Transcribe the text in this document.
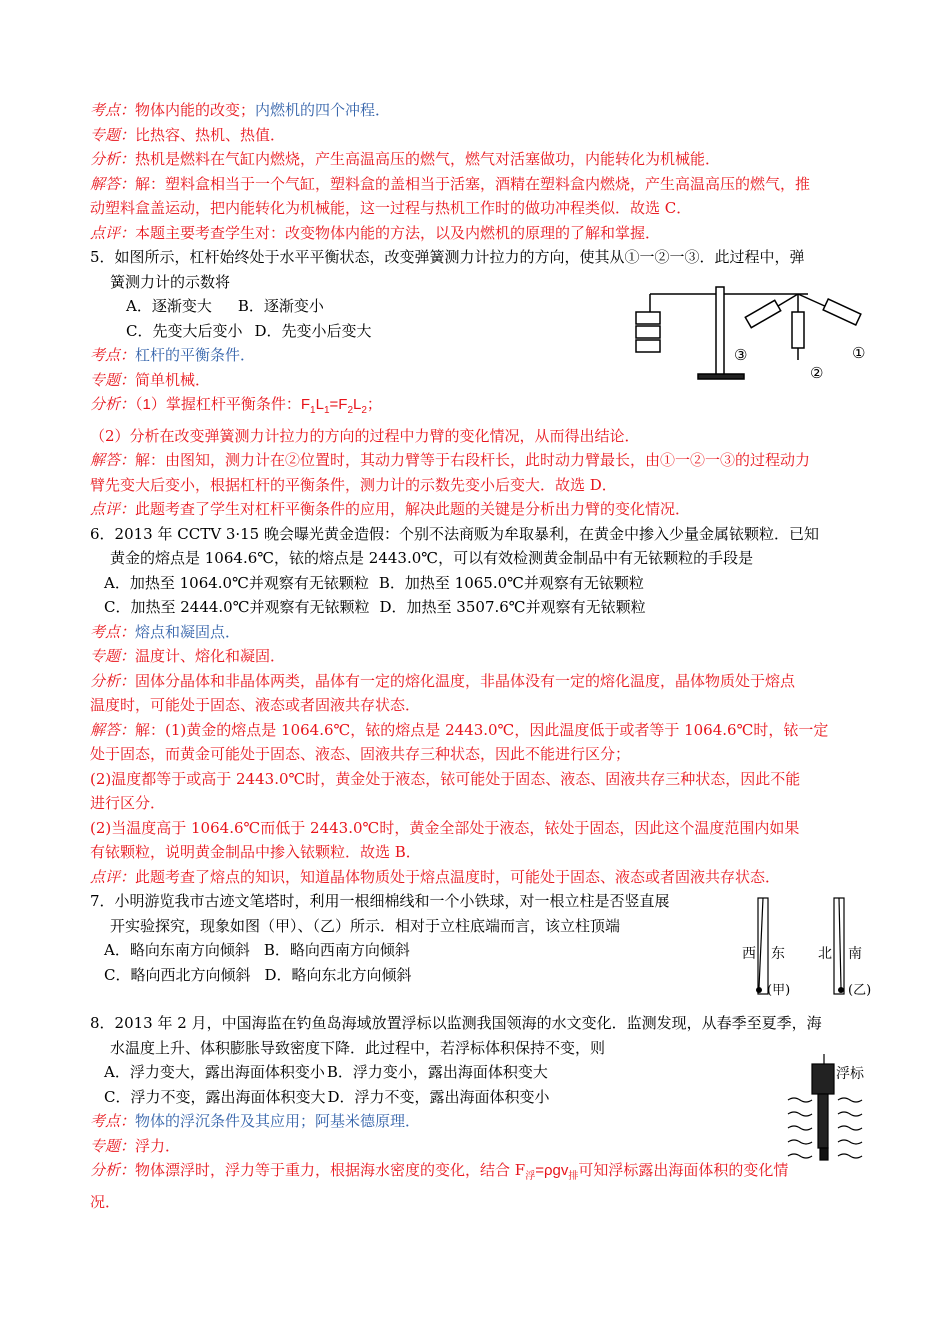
考点：物体内能的改变；内燃机的四个冲程．
专题：比热容、热机、热值．
分析：热机是燃料在气缸内燃烧，产生高温高压的燃气，燃气对活塞做功，内能转化为机械能．
解答：解：塑料盒相当于一个气缸，塑料盒的盖相当于活塞，酒精在塑料盒内燃烧，产生高温高压的燃气，推
动塑料盒盖运动，把内能转化为机械能，这一过程与热机工作时的做功冲程类似．故选 C．
点评：本题主要考查学生对：改变物体内能的方法，以及内燃机的原理的了解和掌握．
5．如图所示，杠杆始终处于水平平衡状态，改变弹簧测力计拉力的方向，使其从①一②一③．此过程中，弹
簧测力计的示数将
A．逐渐变大 B．逐渐变小
C．先变大后变小 D．先变小后变大
考点：杠杆的平衡条件．
专题：简单机械．
分析：（1）掌握杠杆平衡条件：$F_1L_1=F_2L_2$；
（2）分析在改变弹簧测力计拉力的方向的过程中力臂的变化情况，从而得出结论．
解答：解：由图知，测力计在②位置时，其动力臂等于右段杆长，此时动力臂最长，由①一②一③的过程动力
臂先变大后变小，根据杠杆的平衡条件，测力计的示数先变小后变大．故选 D．
点评：此题考查了学生对杠杆平衡条件的应用，解决此题的关键是分析出力臂的变化情况．
6．2013 年 CCTV 3·15 晚会曝光黄金造假：个别不法商贩为牟取暴利，在黄金中掺入少量金属铱颗粒．已知
黄金的熔点是 1064.6℃，铱的熔点是 2443.0℃，可以有效检测黄金制品中有无铱颗粒的手段是
A．加热至 1064.0℃并观察有无铱颗粒 B．加热至 1065.0℃并观察有无铱颗粒
C．加热至 2444.0℃并观察有无铱颗粒 D．加热至 3507.6℃并观察有无铱颗粒
考点：熔点和凝固点．
专题：温度计、熔化和凝固．
分析：固体分晶体和非晶体两类，晶体有一定的熔化温度，非晶体没有一定的熔化温度，晶体物质处于熔点
温度时，可能处于固态、液态或者固液共存状态．
解答：解：(1)黄金的熔点是 1064.6℃，铱的熔点是 2443.0℃，因此温度低于或者等于 1064.6℃时，铱一定
处于固态，而黄金可能处于固态、液态、固液共存三种状态，因此不能进行区分；
(2)温度都等于或高于 2443.0℃时，黄金处于液态，铱可能处于固态、液态、固液共存三种状态，因此不能
进行区分．
(2)当温度高于 1064.6℃而低于 2443.0℃时，黄金全部处于液态，铱处于固态，因此这个温度范围内如果
有铱颗粒，说明黄金制品中掺入铱颗粒．故选 B．
点评：此题考查了熔点的知识，知道晶体物质处于熔点温度时，可能处于固态、液态或者固液共存状态．
7．小明游览我市古迹文笔塔时，利用一根细棉线和一个小铁球，对一根立柱是否竖直展
开实验探究，现象如图（甲）、（乙）所示．相对于立柱底端而言，该立柱顶端
A．略向东南方向倾斜 B．略向西南方向倾斜
C．略向西北方向倾斜 D．略向东北方向倾斜
8．2013 年 2 月，中国海监在钓鱼岛海域放置浮标以监测我国领海的水文变化．监测发现，从春季至夏季，海
水温度上升、体积膨胀导致密度下降．此过程中，若浮标体积保持不变，则
A．浮力变大，露出海面体积变小 B．浮力变小，露出海面体积变大
C．浮力不变，露出海面体积变大 D．浮力不变，露出海面体积变小
考点：物体的浮沉条件及其应用；阿基米德原理．
专题：浮力．
分析：物体漂浮时，浮力等于重力，根据海水密度的变化，结合 $F_浮=\rho gv_排$可知浮标露出海面体积的变化情
况．
③
②
①
西 东 北 南
(甲)	(乙)
浮标
